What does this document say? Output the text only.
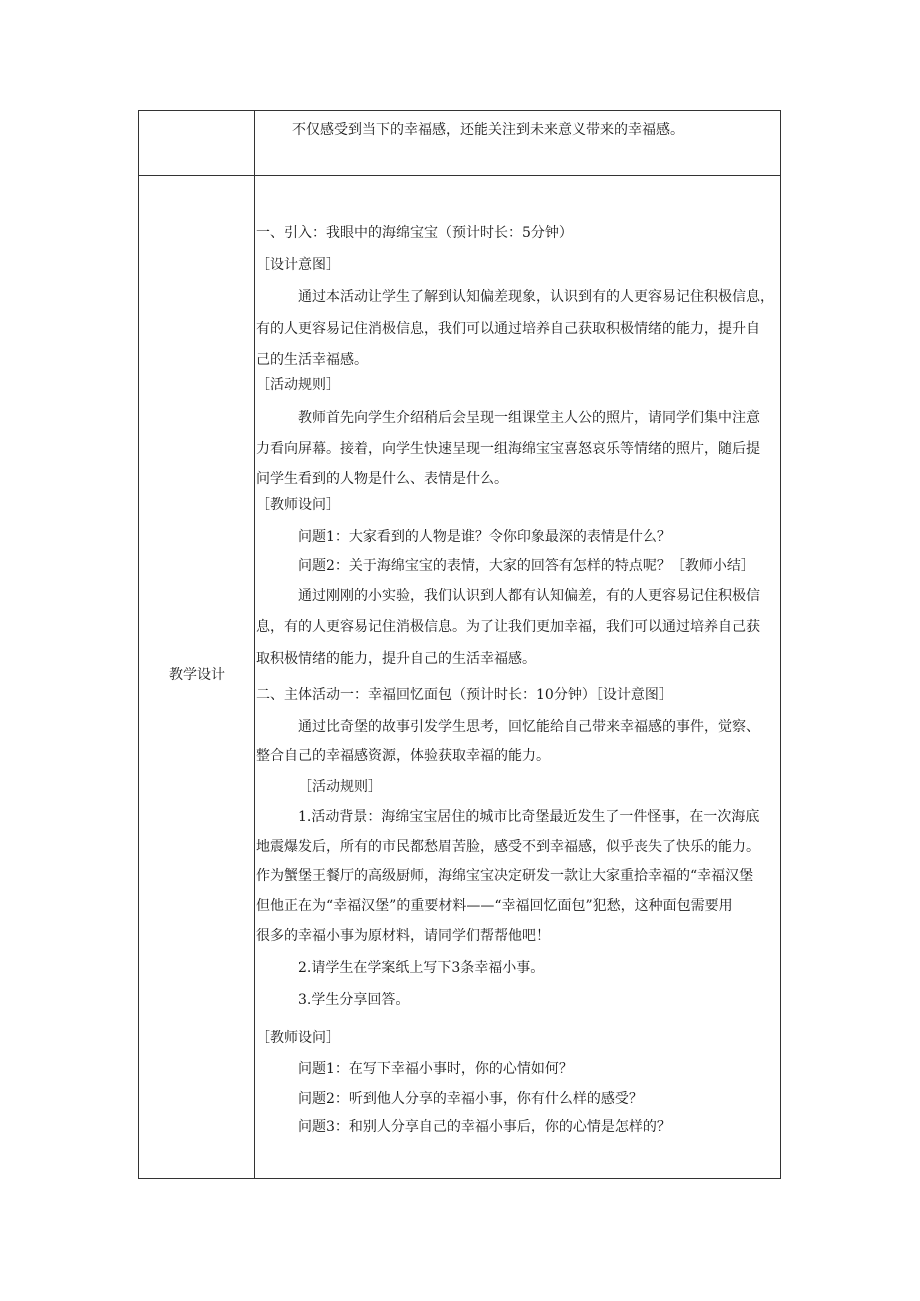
不仅感受到当下的幸福感，还能关注到未来意义带来的幸福感。
教学设计
一、引入：我眼中的海绵宝宝（预计时长：5分钟）
［设计意图］
通过本活动让学生了解到认知偏差现象，认识到有的人更容易记住积极信息，
有的人更容易记住消极信息，我们可以通过培养自己获取积极情绪的能力，提升自
己的生活幸福感。
［活动规则］
教师首先向学生介绍稍后会呈现一组课堂主人公的照片，请同学们集中注意
力看向屏幕。接着，向学生快速呈现一组海绵宝宝喜怒哀乐等情绪的照片，随后提
问学生看到的人物是什么、表情是什么。
［教师设问］
问题1：大家看到的人物是谁？令你印象最深的表情是什么？
问题2：关于海绵宝宝的表情，大家的回答有怎样的特点呢？［教师小结］
通过刚刚的小实验，我们认识到人都有认知偏差，有的人更容易记住积极信
息，有的人更容易记住消极信息。为了让我们更加幸福，我们可以通过培养自己获
取积极情绪的能力，提升自己的生活幸福感。
二、主体活动一：幸福回忆面包（预计时长：10分钟）［设计意图］
通过比奇堡的故事引发学生思考，回忆能给自己带来幸福感的事件，觉察、
整合自己的幸福感资源，体验获取幸福的能力。
［活动规则］
1.活动背景：海绵宝宝居住的城市比奇堡最近发生了一件怪事，在一次海底
地震爆发后，所有的市民都愁眉苦脸，感受不到幸福感，似乎丧失了快乐的能力。
作为蟹堡王餐厅的高级厨师，海绵宝宝决定研发一款让大家重拾幸福的“幸福汉堡
但他正在为“幸福汉堡”的重要材料——“幸福回忆面包”犯愁，这种面包需要用
很多的幸福小事为原材料，请同学们帮帮他吧！
2.请学生在学案纸上写下3条幸福小事。
3.学生分享回答。
［教师设问］
问题1：在写下幸福小事时，你的心情如何？
问题2：听到他人分享的幸福小事，你有什么样的感受？
问题3：和别人分享自己的幸福小事后，你的心情是怎样的？
